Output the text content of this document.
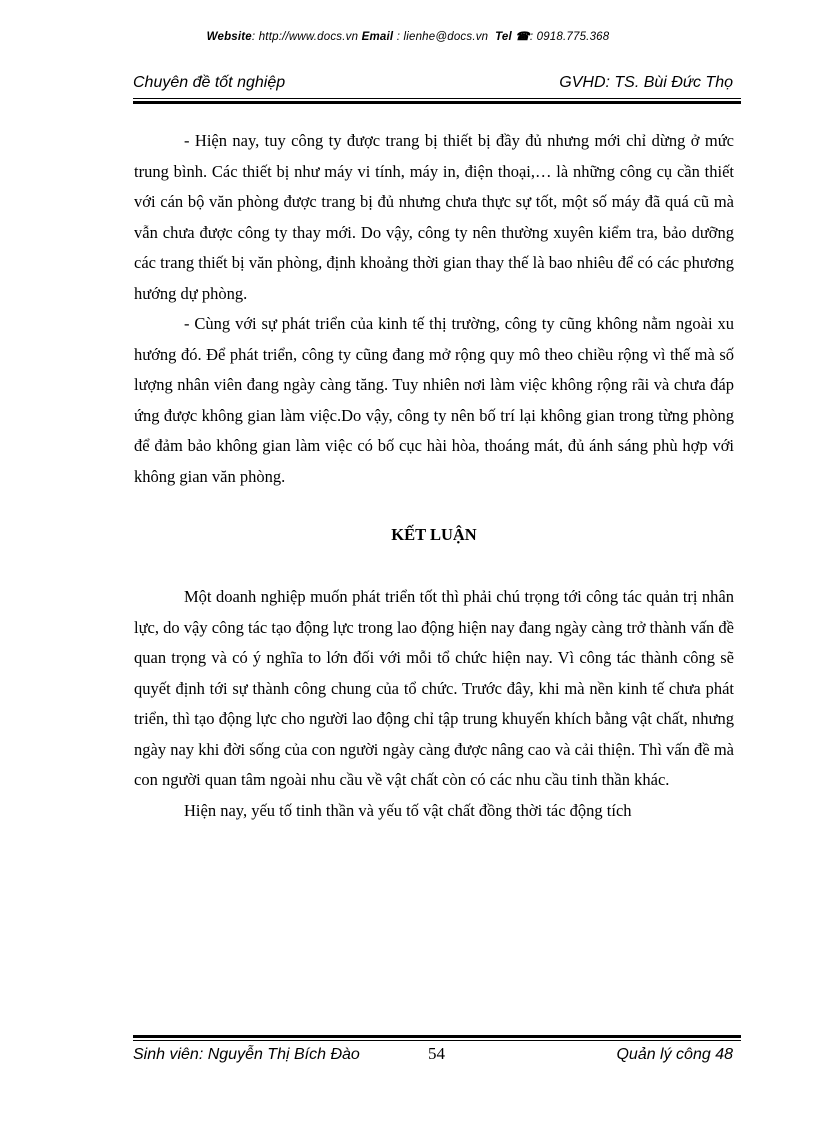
Website: http://www.docs.vn Email : lienhe@docs.vn Tel ☎: 0918.775.368
Chuyên đề tốt nghiệp	GVHD: TS. Bùi Đức Thọ

- Hiện nay, tuy công ty được trang bị thiết bị đầy đủ nhưng mới chỉ dừng ở mức trung bình. Các thiết bị như máy vi tính, máy in, điện thoại,… là những công cụ cần thiết với cán bộ văn phòng được trang bị đủ nhưng chưa thực sự tốt, một số máy đã quá cũ mà vẫn chưa được công ty thay mới. Do vậy, công ty nên thường xuyên kiểm tra, bảo dưỡng các trang thiết bị văn phòng, định khoảng thời gian thay thế là bao nhiêu để có các phương hướng dự phòng.

- Cùng với sự phát triển của kinh tế thị trường, công ty cũng không nằm ngoài xu hướng đó. Để phát triển, công ty cũng đang mở rộng quy mô theo chiều rộng vì thế mà số lượng nhân viên đang ngày càng tăng. Tuy nhiên nơi làm việc không rộng rãi và chưa đáp ứng được không gian làm việc.Do vậy, công ty nên bố trí lại không gian trong từng phòng để đảm bảo không gian làm việc có bố cục hài hòa, thoáng mát, đủ ánh sáng phù hợp với không gian văn phòng.

KẾT LUẬN

Một doanh nghiệp muốn phát triển tốt thì phải chú trọng tới công tác quản trị nhân lực, do vậy công tác tạo động lực trong lao động hiện nay đang ngày càng trở thành vấn đề quan trọng và có ý nghĩa to lớn đối với mỗi tổ chức hiện nay. Vì công tác thành công sẽ quyết định tới sự thành công chung của tổ chức. Trước đây, khi mà nền kinh tế chưa phát triển, thì tạo động lực cho người lao động chỉ tập trung khuyến khích bằng vật chất, nhưng ngày nay khi đời sống của con người ngày càng được nâng cao và cải thiện. Thì vấn đề mà con người quan tâm ngoài nhu cầu về vật chất còn có các nhu cầu tinh thần khác.

Hiện nay, yếu tố tinh thần và yếu tố vật chất đồng thời tác động tích

Sinh viên: Nguyễn Thị Bích Đào	54	Quản lý công 48
